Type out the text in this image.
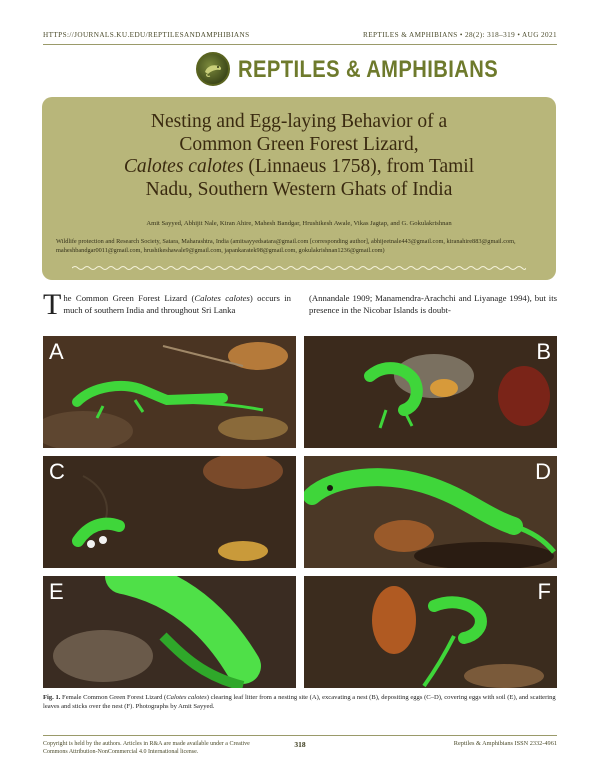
HTTPS://JOURNALS.KU.EDU/REPTILESANDAMPHIBIANS	REPTILES & AMPHIBIANS • 28(2): 318–319 • AUG 2021
REPTILES & AMPHIBIANS
Nesting and Egg-laying Behavior of a
Common Green Forest Lizard,
Calotes calotes (Linnaeus 1758), from Tamil
Nadu, Southern Western Ghats of India
Amit Sayyed, Abhijit Nale, Kiran Ahire, Mahesh Bandgar, Hrushikesh Awale, Vikas Jagtap, and G. Gokulakrishnan
Wildlife protection and Research Society, Satara, Maharashtra, India (amitsayyedsatara@gmail.com [corresponding author], abhijeetnale443@gmail.com, kiranahire883@gmail.com, maheshbandgar0011@gmail.com, hrushikeshawale9@gmail.com, japankaratek98@gmail.com, gokulakrishnan1236@gmail.com)
The Common Green Forest Lizard (Calotes calotes) occurs in much of southern India and throughout Sri Lanka
(Annandale 1909; Manamendra-Arachchi and Liyanage 1994), but its presence in the Nicobar Islands is doubt-
A	B
C	D
E	F
Fig. 1. Female Common Green Forest Lizard (Calotes calotes) clearing leaf litter from a nesting site (A), excavating a nest (B), depositing eggs (C–D), covering eggs with soil (E), and scattering leaves and sticks over the nest (F). Photographs by Amit Sayyed.
Copyright is held by the authors. Articles in R&A are made available under a Creative Commons Attribution-NonCommercial 4.0 International license.
318	Reptiles & Amphibians ISSN 2332-4961
